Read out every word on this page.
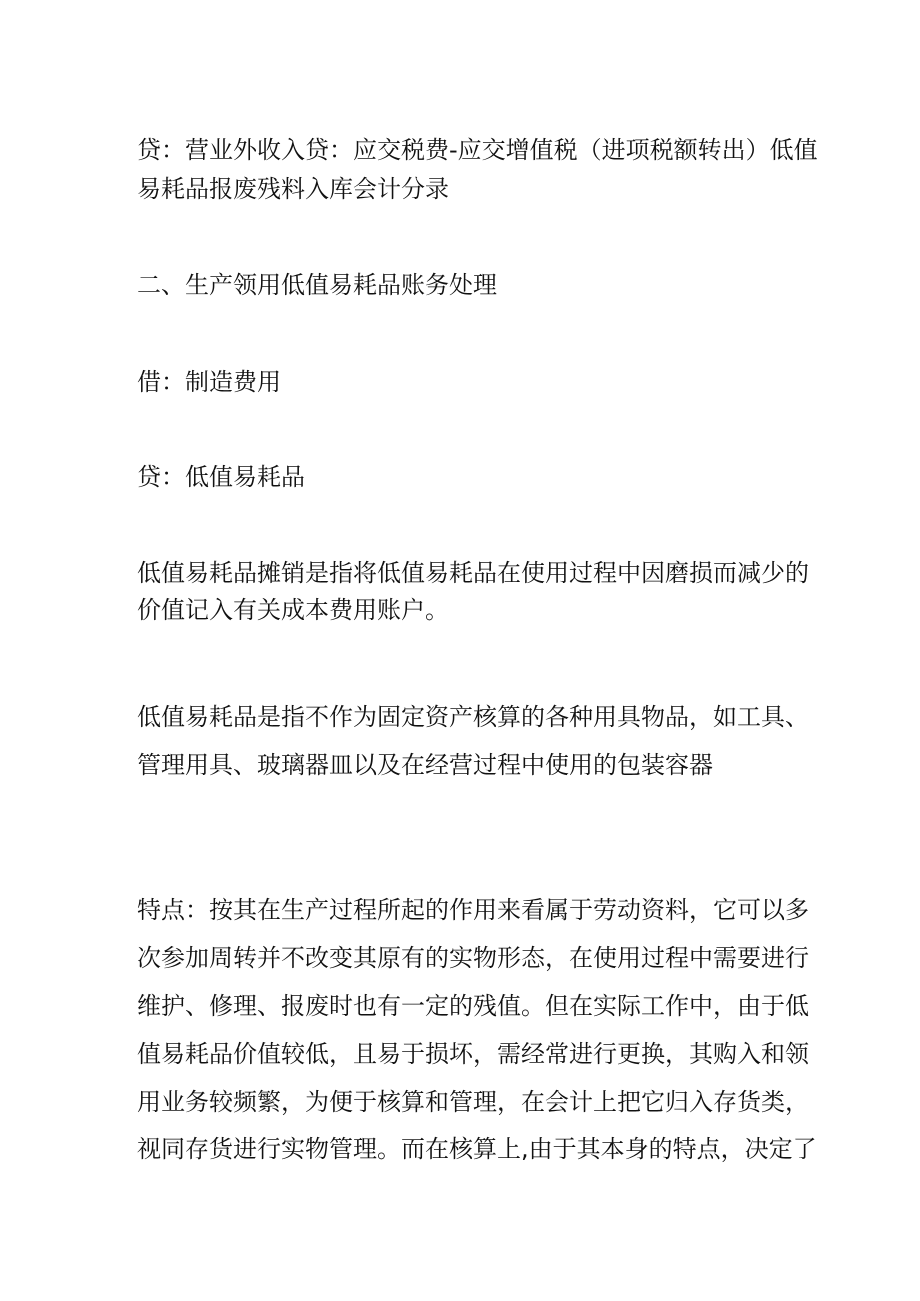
贷：营业外收入贷：应交税费-应交增值税（进项税额转出）低值
易耗品报废残料入库会计分录
二、生产领用低值易耗品账务处理
借：制造费用
贷：低值易耗品
低值易耗品摊销是指将低值易耗品在使用过程中因磨损而减少的
价值记入有关成本费用账户。
低值易耗品是指不作为固定资产核算的各种用具物品，如工具、
管理用具、玻璃器皿以及在经营过程中使用的包装容器
特点：按其在生产过程所起的作用来看属于劳动资料，它可以多
次参加周转并不改变其原有的实物形态，在使用过程中需要进行
维护、修理、报废时也有一定的残值。但在实际工作中，由于低
值易耗品价值较低，且易于损坏，需经常进行更换，其购入和领
用业务较频繁，为便于核算和管理，在会计上把它归入存货类，
视同存货进行实物管理。而在核算上,由于其本身的特点，决定了
